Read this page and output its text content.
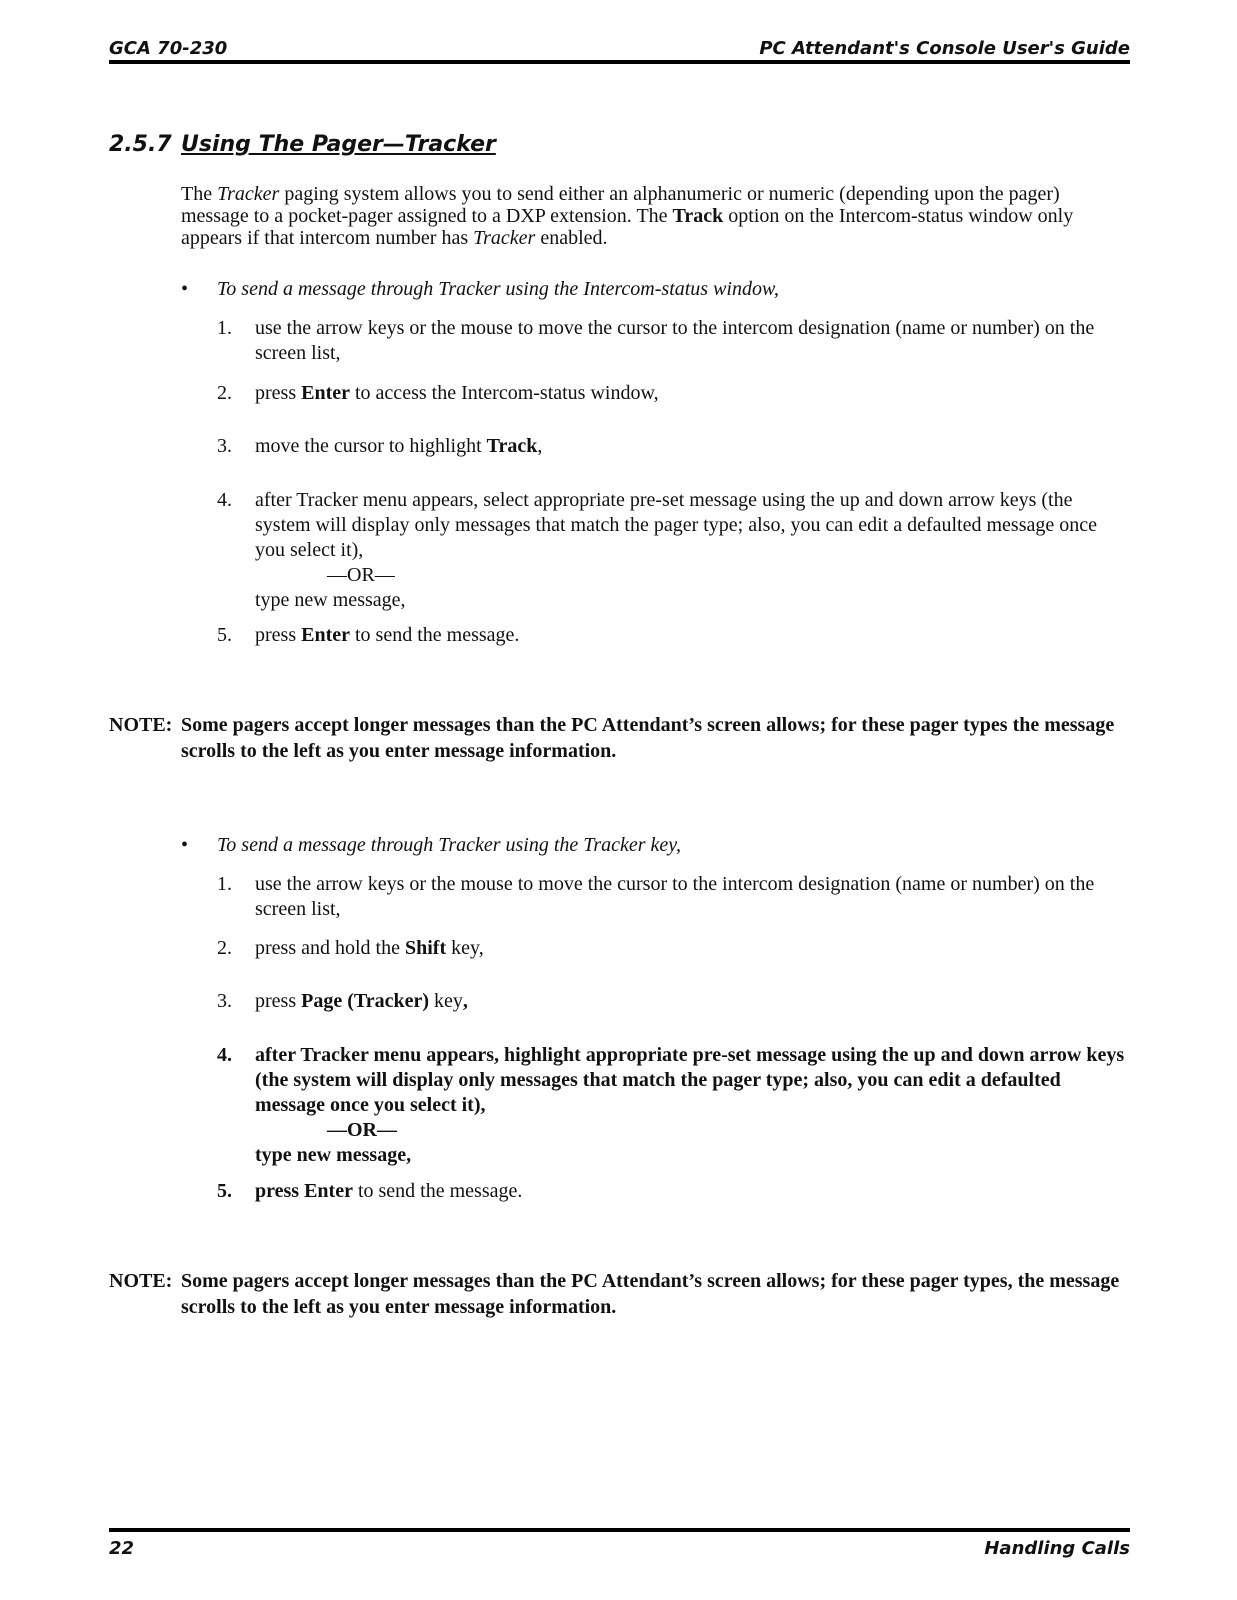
GCA 70-230	PC Attendant's Console User's Guide
2.5.7 Using The Pager—Tracker
The Tracker paging system allows you to send either an alphanumeric or numeric (depending upon the pager) message to a pocket-pager assigned to a DXP extension. The Track option on the Intercom-status window only appears if that intercom number has Tracker enabled.
• To send a message through Tracker using the Intercom-status window,
1. use the arrow keys or the mouse to move the cursor to the intercom designation (name or number) on the screen list,
2. press Enter to access the Intercom-status window,
3. move the cursor to highlight Track,
4. after Tracker menu appears, select appropriate pre-set message using the up and down arrow keys (the system will display only messages that match the pager type; also, you can edit a defaulted message once you select it),
—OR—
type new message,
5. press Enter to send the message.
NOTE: Some pagers accept longer messages than the PC Attendant’s screen allows; for these pager types the message scrolls to the left as you enter message information.
• To send a message through Tracker using the Tracker key,
1. use the arrow keys or the mouse to move the cursor to the intercom designation (name or number) on the screen list,
2. press and hold the Shift key,
3. press Page (Tracker) key,
4. after Tracker menu appears, highlight appropriate pre-set message using the up and down arrow keys (the system will display only messages that match the pager type; also, you can edit a defaulted message once you select it),
—OR—
type new message,
5. press Enter to send the message.
NOTE: Some pagers accept longer messages than the PC Attendant’s screen allows; for these pager types, the message scrolls to the left as you enter message information.
22	Handling Calls
